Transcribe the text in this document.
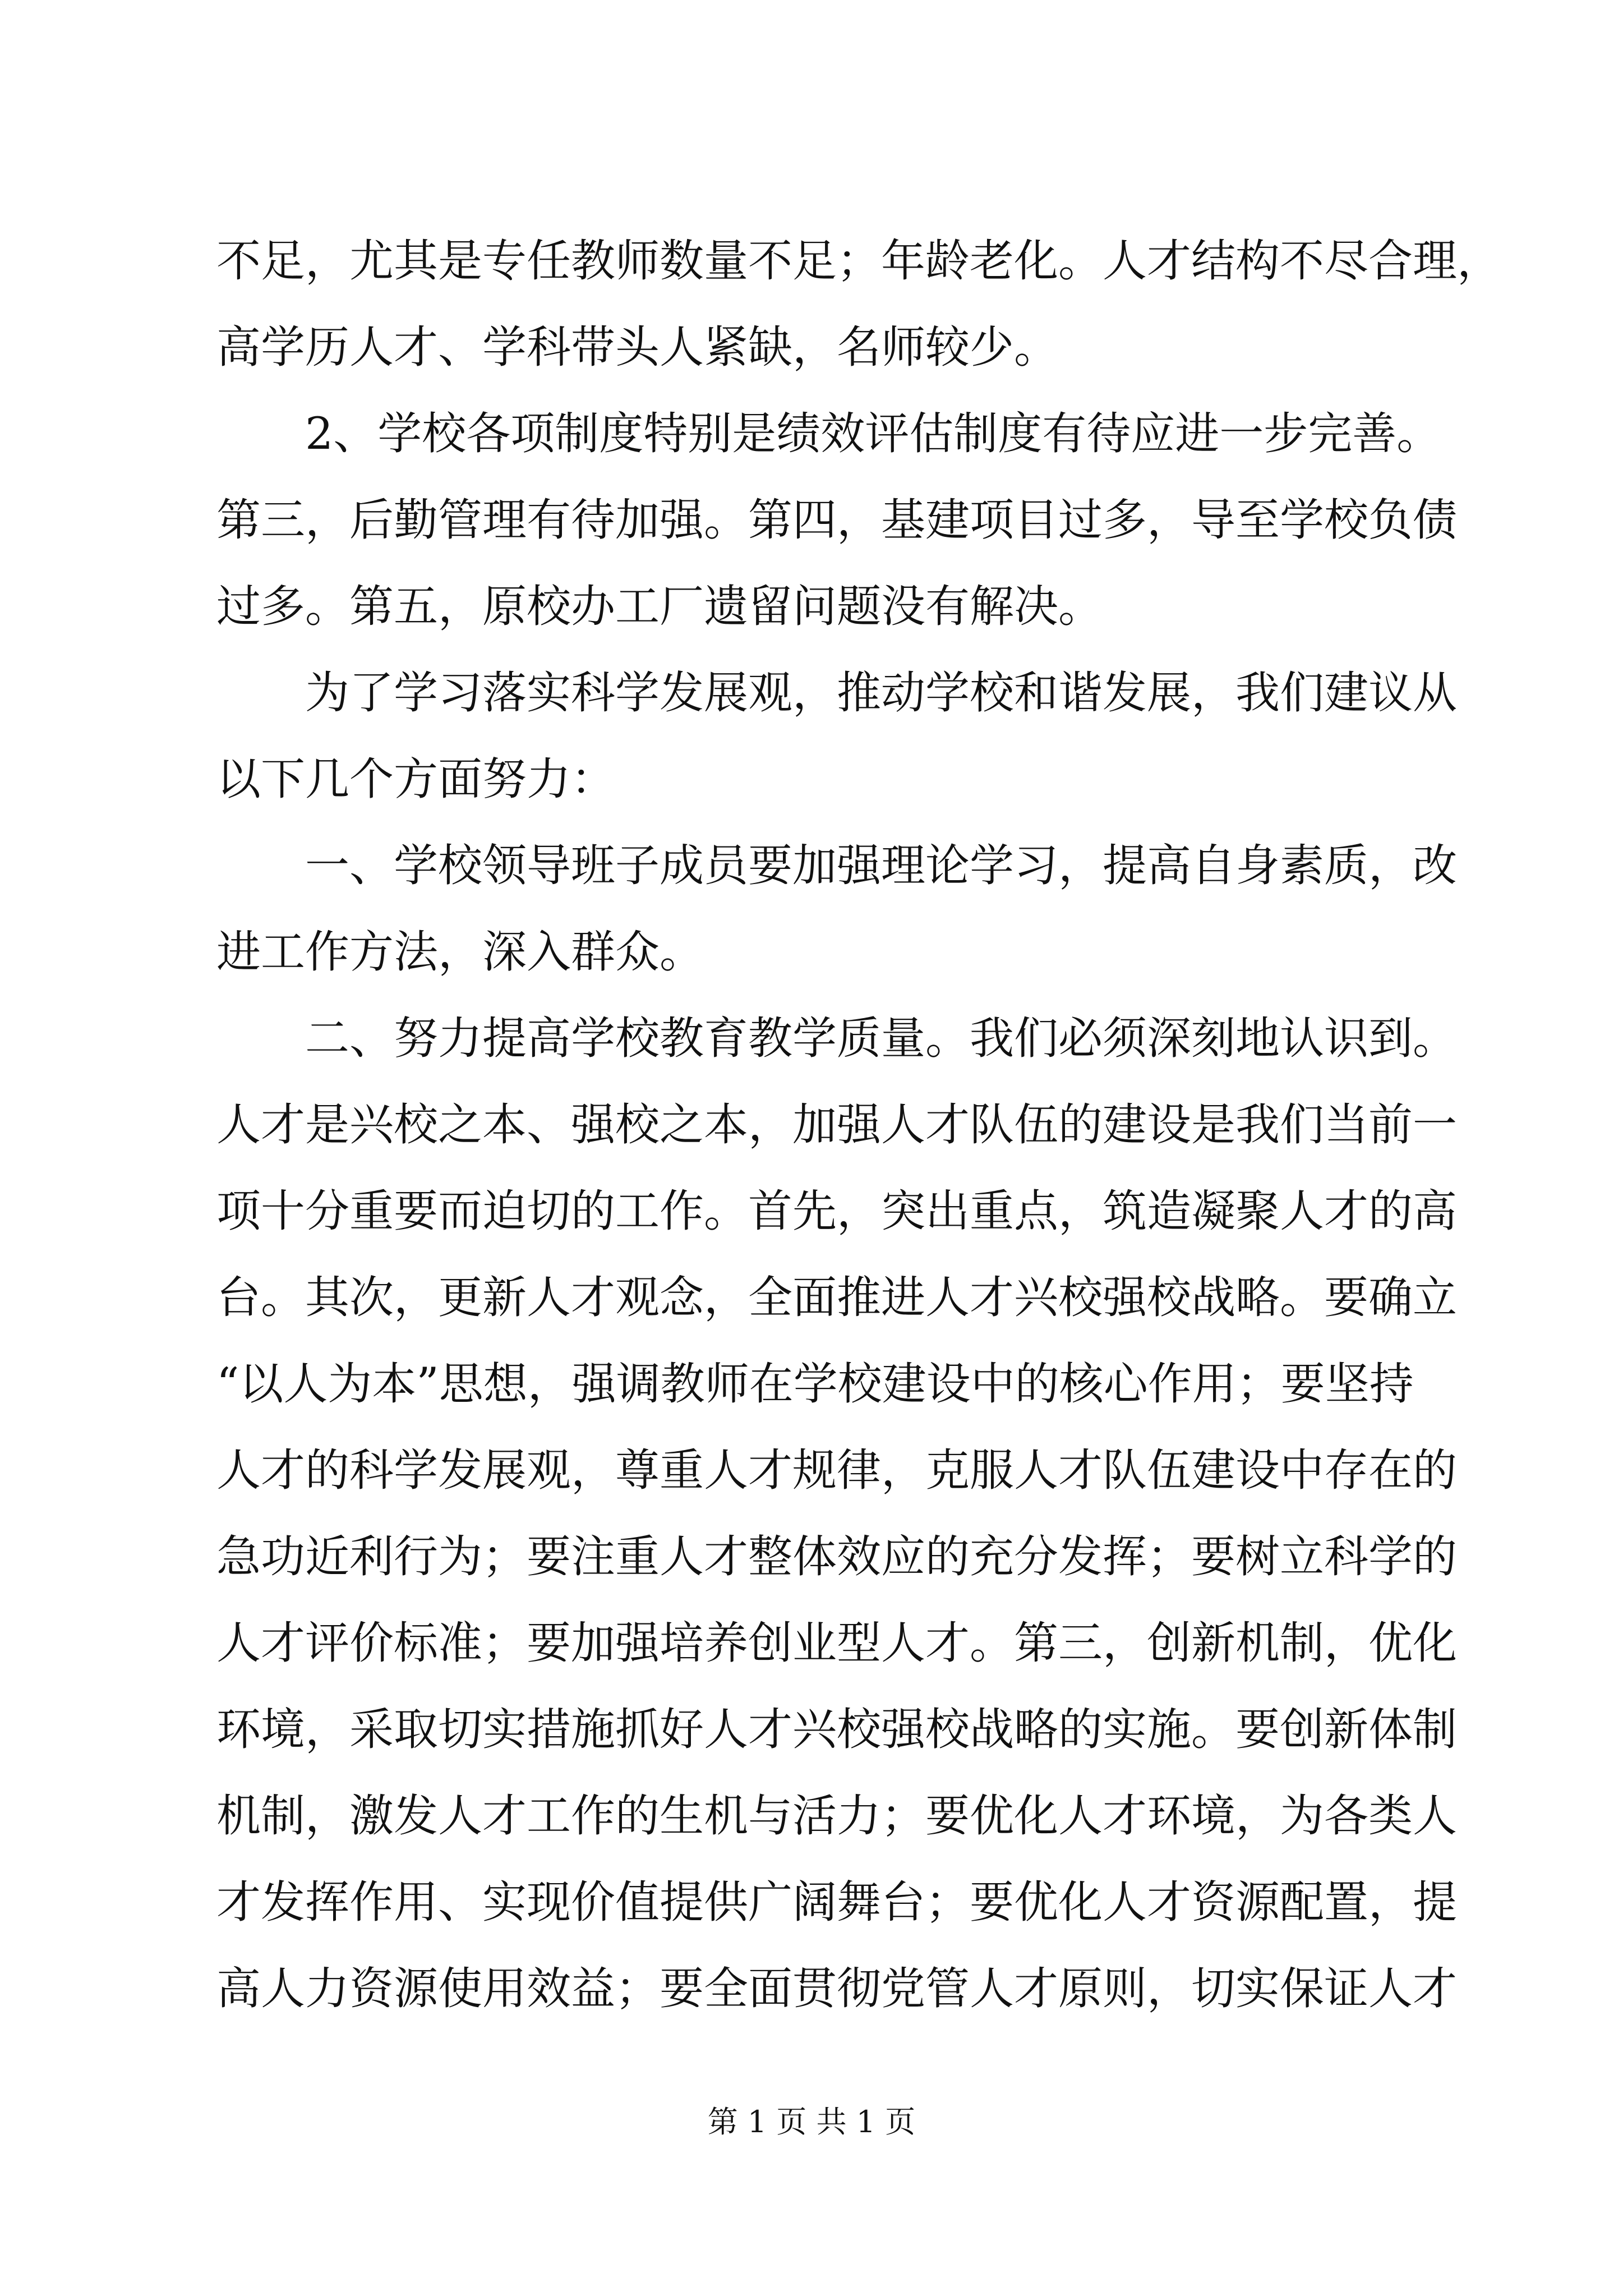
不足，尤其是专任教师数量不足；年龄老化。人才结构不尽合理，
高学历人才、学科带头人紧缺，名师较少。
　　2、学校各项制度特别是绩效评估制度有待应进一步完善。
第三，后勤管理有待加强。第四，基建项目过多，导至学校负债
过多。第五，原校办工厂遗留问题没有解决。
　　为了学习落实科学发展观，推动学校和谐发展，我们建议从
以下几个方面努力：
　　一、学校领导班子成员要加强理论学习，提高自身素质，改
进工作方法，深入群众。
　　二、努力提高学校教育教学质量。我们必须深刻地认识到。
人才是兴校之本、强校之本，加强人才队伍的建设是我们当前一
项十分重要而迫切的工作。首先，突出重点，筑造凝聚人才的高
台。其次，更新人才观念，全面推进人才兴校强校战略。要确立
“以人为本”思想，强调教师在学校建设中的核心作用；要坚持
人才的科学发展观，尊重人才规律，克服人才队伍建设中存在的
急功近利行为；要注重人才整体效应的充分发挥；要树立科学的
人才评价标准；要加强培养创业型人才。第三，创新机制，优化
环境，采取切实措施抓好人才兴校强校战略的实施。要创新体制
机制，激发人才工作的生机与活力；要优化人才环境，为各类人
才发挥作用、实现价值提供广阔舞台；要优化人才资源配置，提
高人力资源使用效益；要全面贯彻党管人才原则，切实保证人才
第 1 页 共 1 页
